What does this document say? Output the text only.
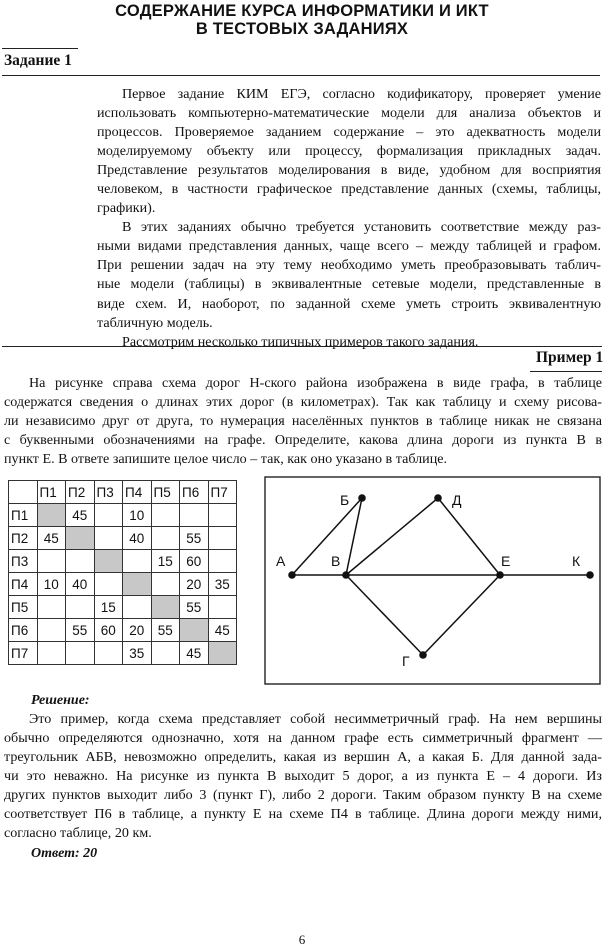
СОДЕРЖАНИЕ КУРСА ИНФОРМАТИКИ И ИКТ
В ТЕСТОВЫХ ЗАДАНИЯХ
Задание 1
Первое задание КИМ ЕГЭ, согласно кодификатору, проверяет умение
использовать компьютерно-математические модели для анализа объектов и
процессов. Проверяемое заданием содержание – это адекватность модели
моделируемому объекту или процессу, формализация прикладных задач.
Представление результатов моделирования в виде, удобном для восприятия
человеком, в частности графическое представление данных (схемы, таблицы,
графики).
В этих заданиях обычно требуется установить соответствие между раз-
ными видами представления данных, чаще всего – между таблицей и графом.
При решении задач на эту тему необходимо уметь преобразовывать таблич-
ные модели (таблицы) в эквивалентные сетевые модели, представленные в
виде схем. И, наоборот, по заданной схеме уметь строить эквивалентную
табличную модель.
Рассмотрим несколько типичных примеров такого задания.
Пример 1
На рисунке справа схема дорог Н-ского района изображена в виде графа, в таблице
содержатся сведения о длинах этих дорог (в километрах). Так как таблицу и схему рисова-
ли независимо друг от друга, то нумерация населённых пунктов в таблице никак не связана
с буквенными обозначениями на графе. Определите, какова длина дороги из пункта В в
пункт Е. В ответе запишите целое число – так, как оно указано в таблице.
	П1	П2	П3	П4	П5	П6	П7
П1		45		10			
П2	45			40		55	
П3					15	60	
П4	10	40				20	35
П5			15			55	
П6		55	60	20	55		45
П7				35		45	
А
Б
В
Д
Е	К
Г
Решение:
Это пример, когда схема представляет собой несимметричный граф. На нем вершины
обычно определяются однозначно, хотя на данном графе есть симметричный фрагмент —
треугольник АБВ, невозможно определить, какая из вершин А, а какая Б. Для данной зада-
чи это неважно. На рисунке из пункта В выходит 5 дорог, а из пункта Е – 4 дороги. Из
других пунктов выходит либо 3 (пункт Г), либо 2 дороги. Таким образом пункту В на схеме
соответствует П6 в таблице, а пункту Е на схеме П4 в таблице. Длина дороги между ними,
согласно таблице, 20 км.
Ответ: 20
6
